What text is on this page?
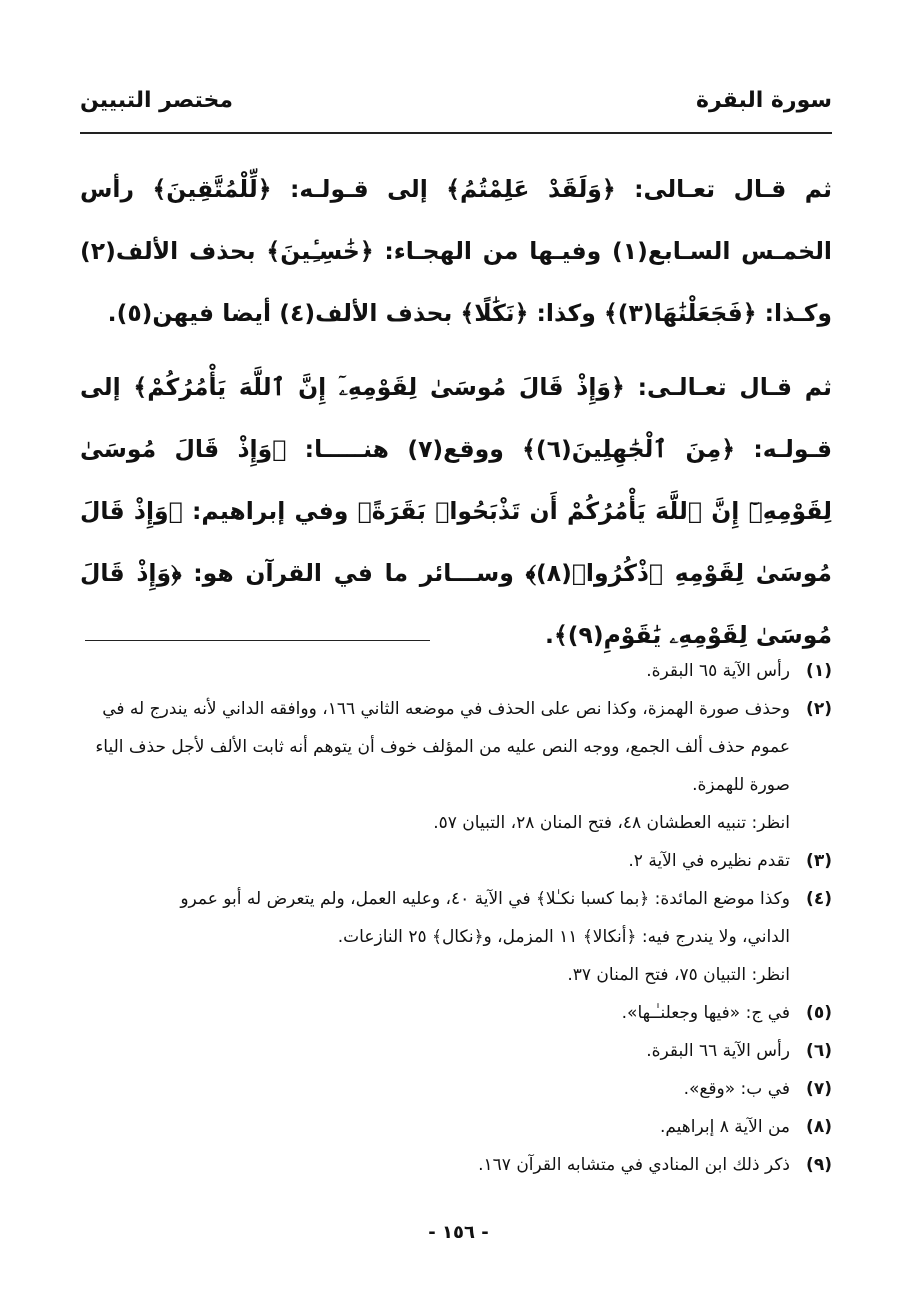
سورة البقرة
مختصر التبيين

ثم قـال تعـالى: ﴿وَلَقَدْ عَلِمْتُمُ﴾ إلى قـولـه: ﴿لِّلْمُتَّقِينَ﴾ رأس الخمـس السـابع(١) وفيـها من الهجـاء: ﴿خَٰسِـِٔينَ﴾ بحذف الألف(٢) وكـذا: ﴿فَجَعَلْنَٰهَا(٣)﴾ وكذا: ﴿نَكَٰلًا﴾ بحذف الألف(٤) أيضا فيهن(٥).

ثم قـال تعـالـى: ﴿وَإِذْ قَالَ مُوسَىٰ لِقَوْمِهِۦٓ إِنَّ ٱللَّهَ يَأْمُرُكُمْ﴾ إلى قـولـه: ﴿مِنَ ٱلْجَٰهِلِينَ(٦)﴾ ووقع(٧) هنـــــا: ﴿وَإِذْ قَالَ مُوسَىٰ لِقَوْمِهِۦٓ إِنَّ ٱللَّهَ يَأْمُرُكُمْ أَن تَذْبَحُوا۟ بَقَرَةً﴾ وفي إبراهيم: ﴿وَإِذْ قَالَ مُوسَىٰ لِقَوْمِهِ ٱذْكُرُوا۟(٨)﴾ وســـائر ما في القرآن هو: ﴿وَإِذْ قَالَ مُوسَىٰ لِقَوْمِهِۦ يَٰقَوْمِ(٩)﴾.

(١)
رأس الآية ٦٥ البقرة.
(٢)
وحذف صورة الهمزة، وكذا نص على الحذف في موضعه الثاني ١٦٦، ووافقه الداني لأنه يندرج له في
عموم حذف ألف الجمع، ووجه النص عليه من المؤلف خوف أن يتوهم أنه ثابت الألف لأجل حذف الياء
صورة للهمزة.
انظر: تنبيه العطشان ٤٨، فتح المنان ٢٨، التبيان ٥٧.
(٣)
تقدم نظيره في الآية ٢.
(٤)
وكذا موضع المائدة: ﴿بما كسبا نكـٰلا﴾ في الآية ٤٠، وعليه العمل، ولم يتعرض له أبو عمرو
الداني، ولا يندرج فيه: ﴿أنكالا﴾ ١١ المزمل، و﴿نكال﴾ ٢٥ النازعات.
انظر: التبيان ٧٥، فتح المنان ٣٧.
(٥)
في ج: «فيها وجعلنـٰـها».
(٦)
رأس الآية ٦٦ البقرة.
(٧)
في ب: «وقع».
(٨)
من الآية ٨ إبراهيم.
(٩)
ذكر ذلك ابن المنادي في متشابه القرآن ١٦٧.
- ١٥٦ -
